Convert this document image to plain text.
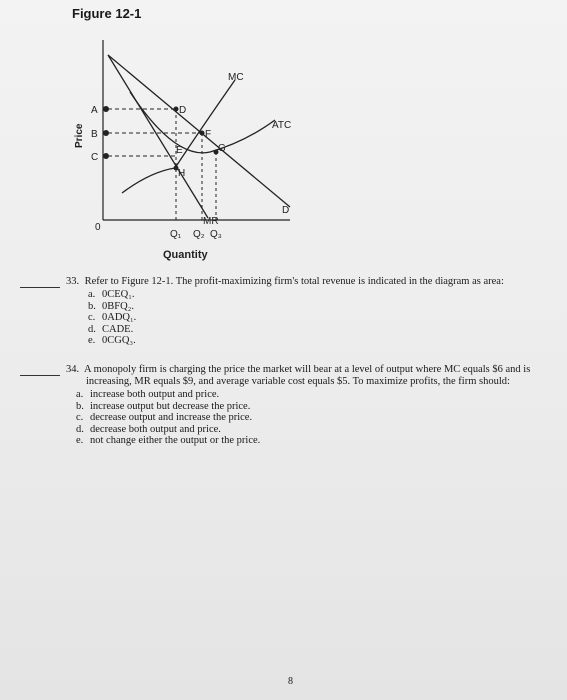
Figure 12-1
MC
ATC
D
MR
A
B
C
D
E
F
G
H
0
Q₁ Q₂ Q₃
Price
Quantity
33. Refer to Figure 12-1. The profit-maximizing firm's total revenue is indicated in the diagram as area:
a. 0CEQ₁.
b. 0BFQ₂.
c. 0ADQ₁.
d. CADE.
e. 0CGQ₃.
34. A monopoly firm is charging the price the market will bear at a level of output where MC equals $6 and is
increasing, MR equals $9, and average variable cost equals $5. To maximize profits, the firm should:
a. increase both output and price.
b. increase output but decrease the price.
c. decrease output and increase the price.
d. decrease both output and price.
e. not change either the output or the price.
8
